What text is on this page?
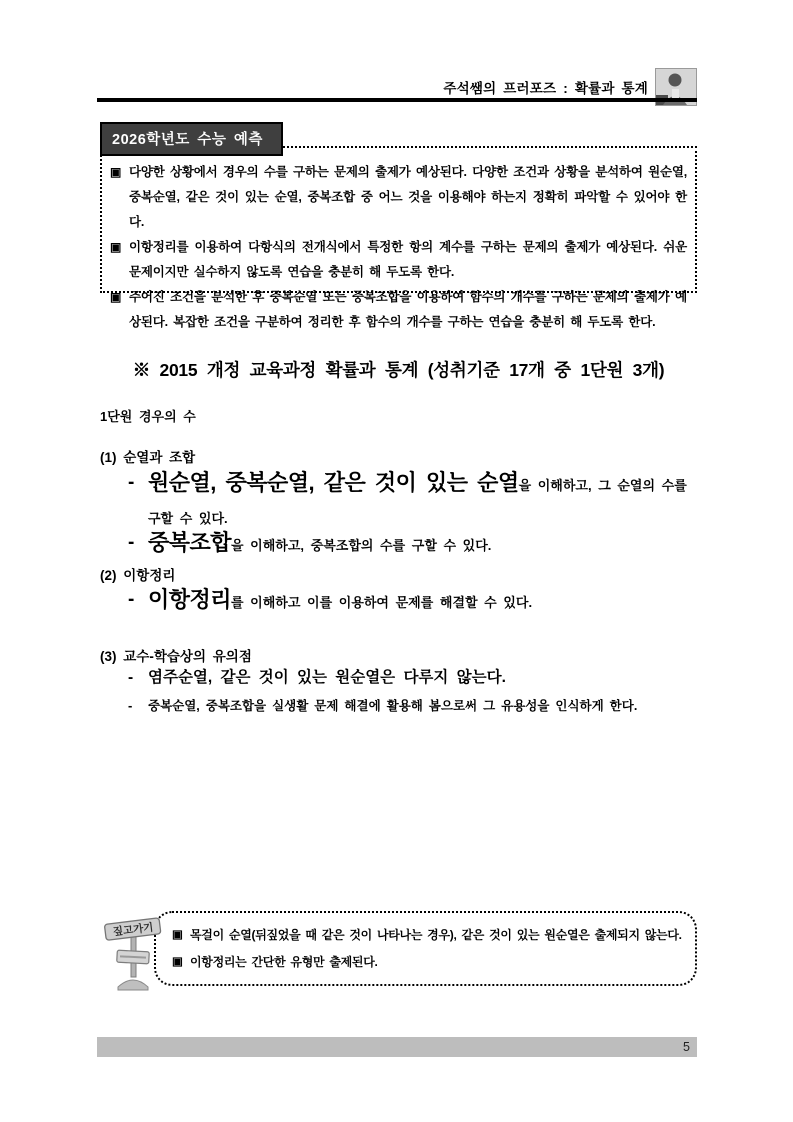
주석쌤의 프러포즈 : 확률과 통계
2026학년도 수능 예측
▣ 다양한 상황에서 경우의 수를 구하는 문제의 출제가 예상된다. 다양한 조건과 상황을 분석하여 원순열, 중복순열, 같은 것이 있는 순열, 중복조합 중 어느 것을 이용해야 하는지 정확히 파악할 수 있어야 한다.
▣ 이항정리를 이용하여 다항식의 전개식에서 특정한 항의 계수를 구하는 문제의 출제가 예상된다. 쉬운 문제이지만 실수하지 않도록 연습을 충분히 해 두도록 한다.
▣ 주어진 조건을 분석한 후 중복순열 또는 중복조합을 이용하여 함수의 개수를 구하는 문제의 출제가 예상된다. 복잡한 조건을 구분하여 정리한 후 함수의 개수를 구하는 연습을 충분히 해 두도록 한다.
※ 2015 개정 교육과정 확률과 통계 (성취기준 17개 중 1단원 3개)
1단원 경우의 수
(1) 순열과 조합
- 원순열, 중복순열, 같은 것이 있는 순열을 이해하고, 그 순열의 수를 구할 수 있다.
- 중복조합을 이해하고, 중복조합의 수를 구할 수 있다.
(2) 이항정리
- 이항정리를 이해하고 이를 이용하여 문제를 해결할 수 있다.
(3) 교수-학습상의 유의점
- 염주순열, 같은 것이 있는 원순열은 다루지 않는다.
-	중복순열, 중복조합을 실생활 문제 해결에 활용해 봄으로써 그 유용성을 인식하게 한다.
짚고가기 ▣ 목걸이 순열(뒤짚었을 때 같은 것이 나타나는 경우), 같은 것이 있는 원순열은 출제되지 않는다.
▣ 이항정리는 간단한 유형만 출제된다.
5
